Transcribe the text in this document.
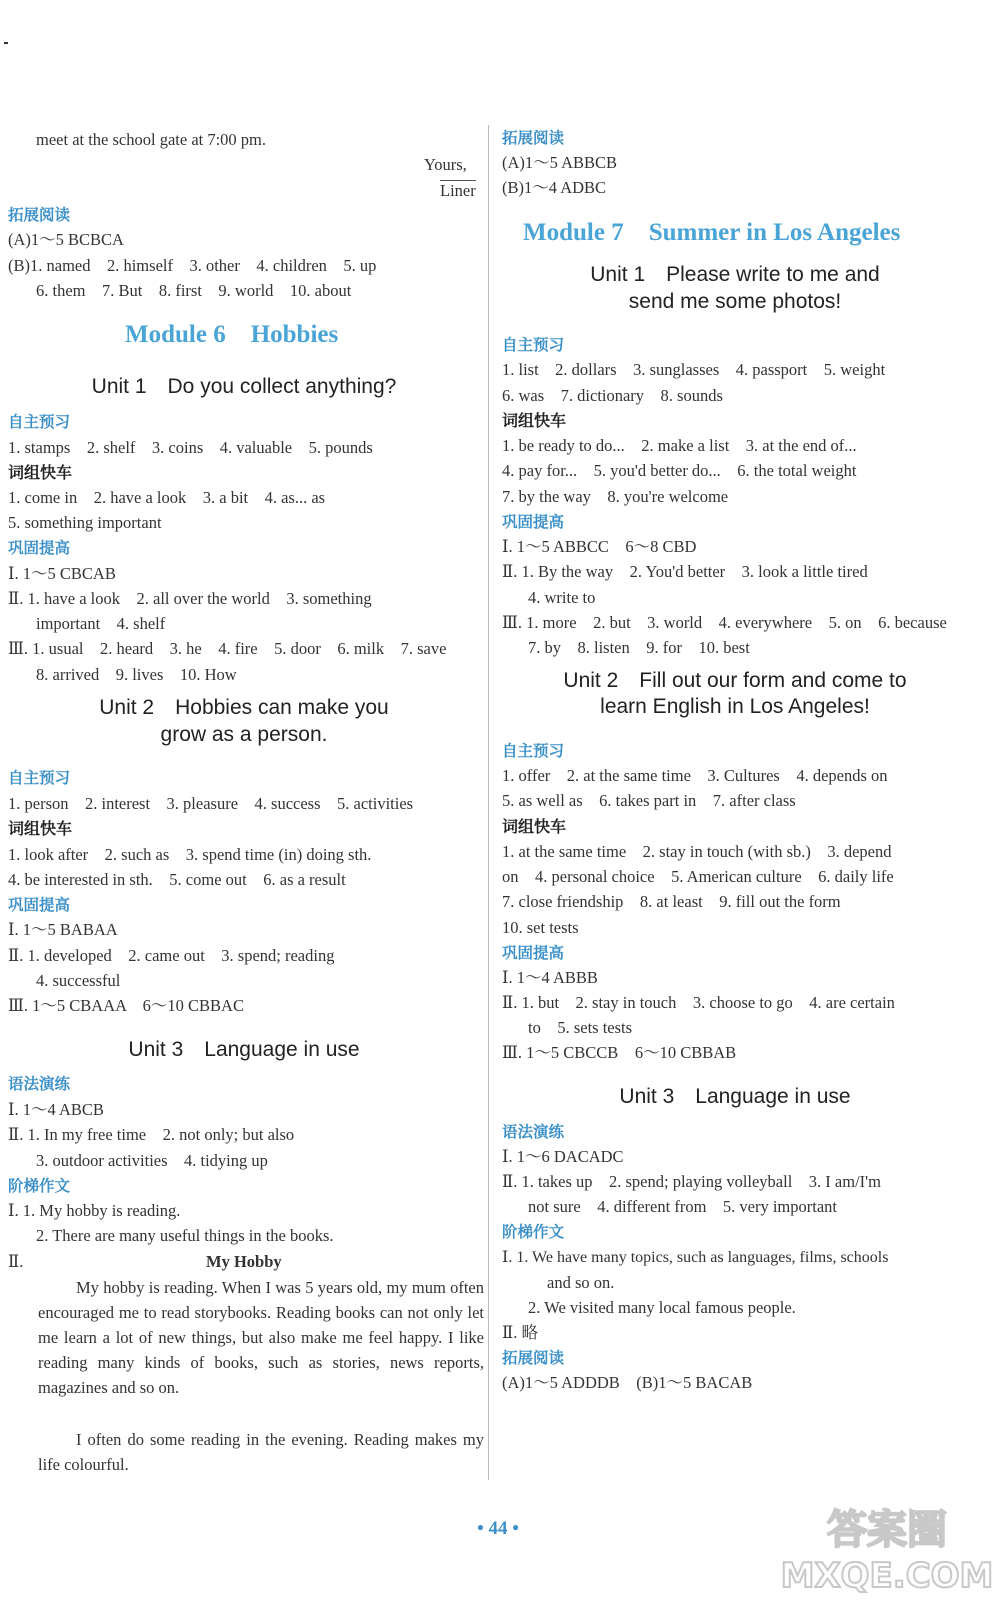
meet at the school gate at 7:00 pm.
Yours,
Liner
拓展阅读
(A)1～5 BCBCA
(B)1. named　2. himself　3. other　4. children　5. up
6. them　7. But　8. first　9. world　10. about
Module 6　Hobbies
Unit 1　Do you collect anything?
自主预习
1. stamps　2. shelf　3. coins　4. valuable　5. pounds
词组快车
1. come in　2. have a look　3. a bit　4. as... as
5. something important
巩固提高
Ⅰ. 1～5 CBCAB
Ⅱ. 1. have a look　2. all over the world　3. something
important　4. shelf
Ⅲ. 1. usual　2. heard　3. he　4. fire　5. door　6. milk　7. save
8. arrived　9. lives　10. How
Unit 2　Hobbies can make you
grow as a person.
自主预习
1. person　2. interest　3. pleasure　4. success　5. activities
词组快车
1. look after　2. such as　3. spend time (in) doing sth.
4. be interested in sth.　5. come out　6. as a result
巩固提高
Ⅰ. 1～5 BABAA
Ⅱ. 1. developed　2. came out　3. spend; reading
4. successful
Ⅲ. 1～5 CBAAA　6～10 CBBAC
Unit 3　Language in use
语法演练
Ⅰ. 1～4 ABCB
Ⅱ. 1. In my free time　2. not only; but also
3. outdoor activities　4. tidying up
阶梯作文
Ⅰ. 1. My hobby is reading.
2. There are many useful things in the books.
Ⅱ.	My Hobby
My hobby is reading. When I was 5 years old, my mum often encouraged me to read storybooks. Reading books can not only let me learn a lot of new things, but also make me feel happy. I like reading many kinds of books, such as stories, news reports, magazines and so on.
I often do some reading in the evening. Reading makes my life colourful.
拓展阅读
(A)1～5 ABBCB
(B)1～4 ADBC
Module 7　Summer in Los Angeles
Unit 1　Please write to me and
send me some photos!
自主预习
1. list　2. dollars　3. sunglasses　4. passport　5. weight
6. was　7. dictionary　8. sounds
词组快车
1. be ready to do...　2. make a list　3. at the end of...
4. pay for...　5. you'd better do...　6. the total weight
7. by the way　8. you're welcome
巩固提高
Ⅰ. 1～5 ABBCC　6～8 CBD
Ⅱ. 1. By the way　2. You'd better　3. look a little tired
4. write to
Ⅲ. 1. more　2. but　3. world　4. everywhere　5. on　6. because
7. by　8. listen　9. for　10. best
Unit 2　Fill out our form and come to
learn English in Los Angeles!
自主预习
1. offer　2. at the same time　3. Cultures　4. depends on
5. as well as　6. takes part in　7. after class
词组快车
1. at the same time　2. stay in touch (with sb.)　3. depend
on　4. personal choice　5. American culture　6. daily life
7. close friendship　8. at least　9. fill out the form
10. set tests
巩固提高
Ⅰ. 1～4 ABBB
Ⅱ. 1. but　2. stay in touch　3. choose to go　4. are certain
to　5. sets tests
Ⅲ. 1～5 CBCCB　6～10 CBBAB
Unit 3　Language in use
语法演练
Ⅰ. 1～6 DACADC
Ⅱ. 1. takes up　2. spend; playing volleyball　3. I am/I'm
not sure　4. different from　5. very important
阶梯作文
Ⅰ. 1. We have many topics, such as languages, films, schools
and so on.
2. We visited many local famous people.
Ⅱ. 略
拓展阅读
(A)1～5 ADDDB　(B)1～5 BACAB
• 44 •	答案圈
MXQE.COM
